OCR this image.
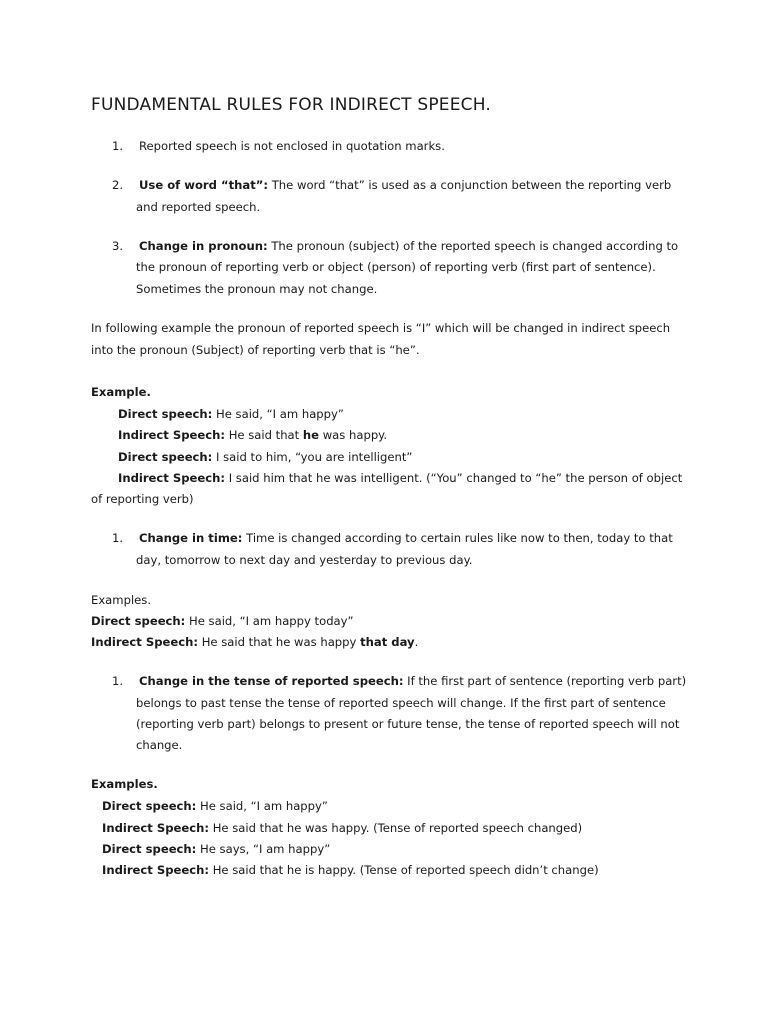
FUNDAMENTAL RULES FOR INDIRECT SPEECH.
1. Reported speech is not enclosed in quotation marks.
2. Use of word “that”: The word “that” is used as a conjunction between the reporting verb
and reported speech.
3. Change in pronoun: The pronoun (subject) of the reported speech is changed according to
the pronoun of reporting verb or object (person) of reporting verb (first part of sentence).
Sometimes the pronoun may not change.
In following example the pronoun of reported speech is “I” which will be changed in indirect speech
into the pronoun (Subject) of reporting verb that is “he”.
Example.
Direct speech: He said, “I am happy”
Indirect Speech: He said that he was happy.
Direct speech: I said to him, “you are intelligent”
Indirect Speech: I said him that he was intelligent. (“You” changed to “he” the person of object
of reporting verb)
1. Change in time: Time is changed according to certain rules like now to then, today to that
day, tomorrow to next day and yesterday to previous day.
Examples.
Direct speech: He said, “I am happy today”
Indirect Speech: He said that he was happy that day.
1. Change in the tense of reported speech: If the first part of sentence (reporting verb part)
belongs to past tense the tense of reported speech will change. If the first part of sentence
(reporting verb part) belongs to present or future tense, the tense of reported speech will not
change.
Examples.
Direct speech: He said, “I am happy”
Indirect Speech: He said that he was happy. (Tense of reported speech changed)
Direct speech: He says, “I am happy”
Indirect Speech: He said that he is happy. (Tense of reported speech didn’t change)
